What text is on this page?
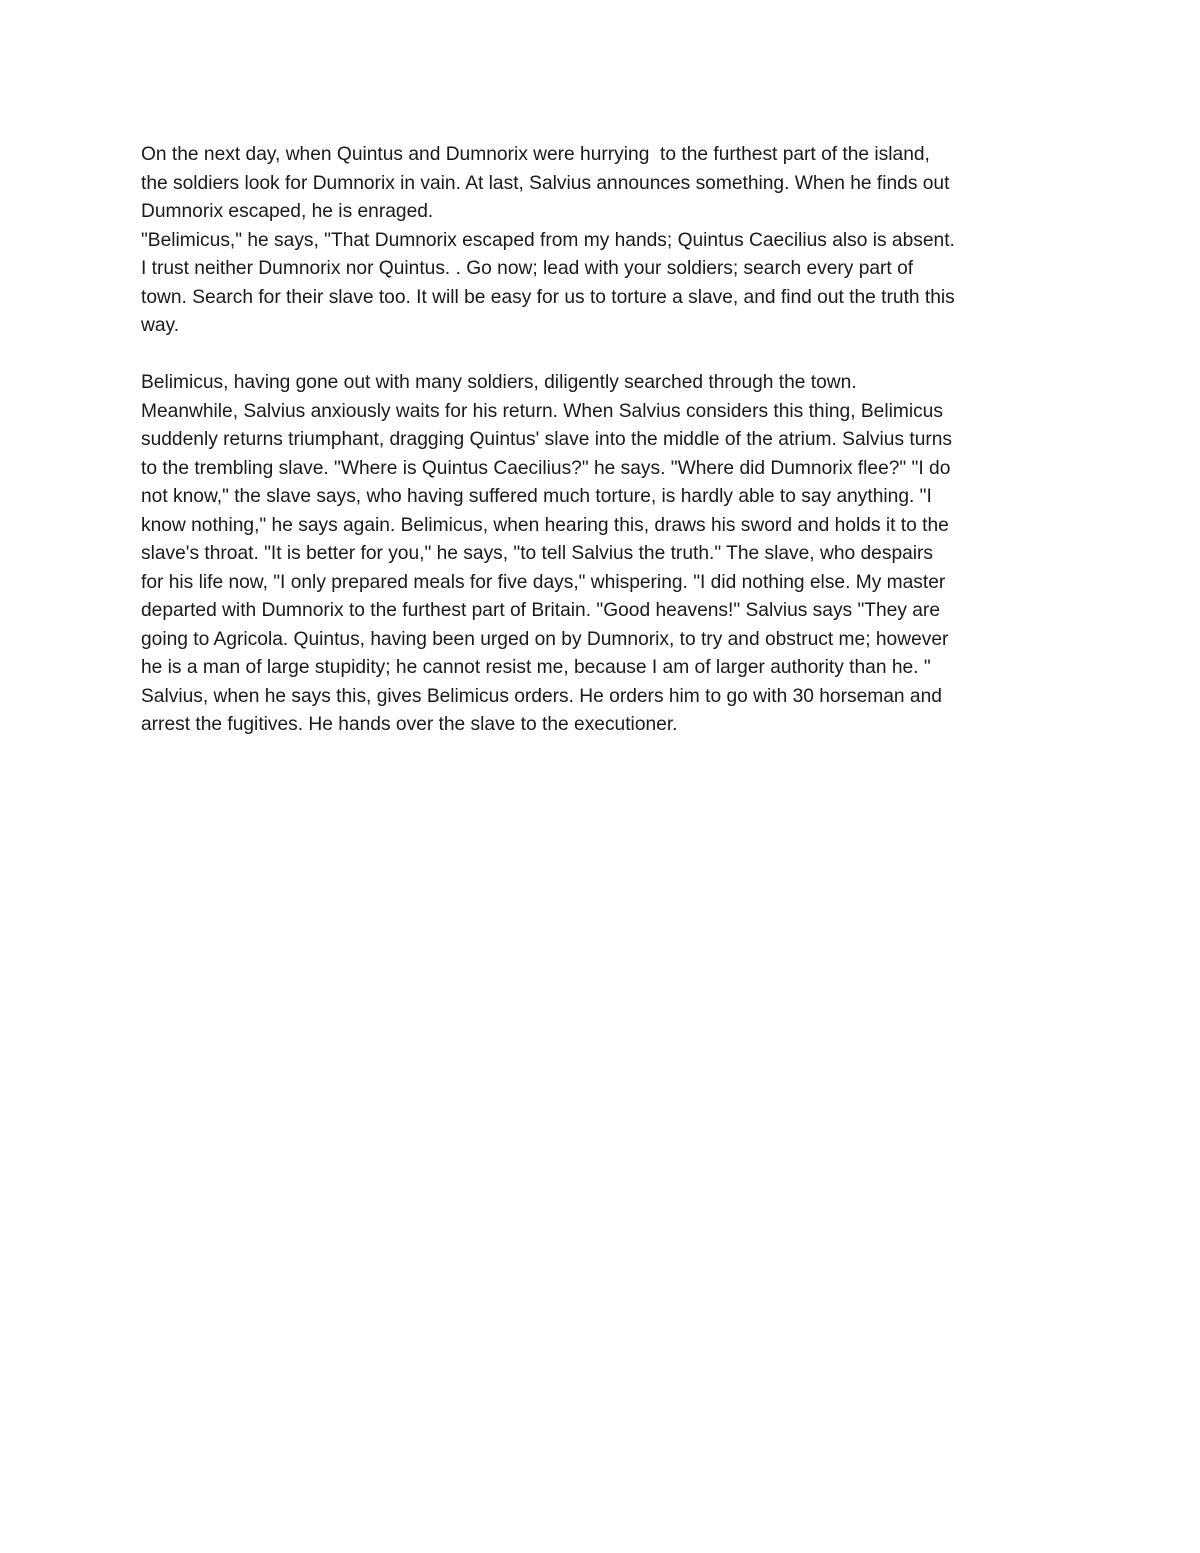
On the next day, when Quintus and Dumnorix were hurrying  to the furthest part of the island,
the soldiers look for Dumnorix in vain. At last, Salvius announces something. When he finds out
Dumnorix escaped, he is enraged.
"Belimicus," he says, "That Dumnorix escaped from my hands; Quintus Caecilius also is absent.
I trust neither Dumnorix nor Quintus. . Go now; lead with your soldiers; search every part of
town. Search for their slave too. It will be easy for us to torture a slave, and find out the truth this
way.
Belimicus, having gone out with many soldiers, diligently searched through the town.
Meanwhile, Salvius anxiously waits for his return. When Salvius considers this thing, Belimicus
suddenly returns triumphant, dragging Quintus' slave into the middle of the atrium. Salvius turns
to the trembling slave. "Where is Quintus Caecilius?" he says. "Where did Dumnorix flee?" "I do
not know," the slave says, who having suffered much torture, is hardly able to say anything. "I
know nothing," he says again. Belimicus, when hearing this, draws his sword and holds it to the
slave's throat. "It is better for you," he says, "to tell Salvius the truth." The slave, who despairs
for his life now, "I only prepared meals for five days," whispering. "I did nothing else. My master
departed with Dumnorix to the furthest part of Britain. "Good heavens!" Salvius says "They are
going to Agricola. Quintus, having been urged on by Dumnorix, to try and obstruct me; however
he is a man of large stupidity; he cannot resist me, because I am of larger authority than he. "
Salvius, when he says this, gives Belimicus orders. He orders him to go with 30 horseman and
arrest the fugitives. He hands over the slave to the executioner.
